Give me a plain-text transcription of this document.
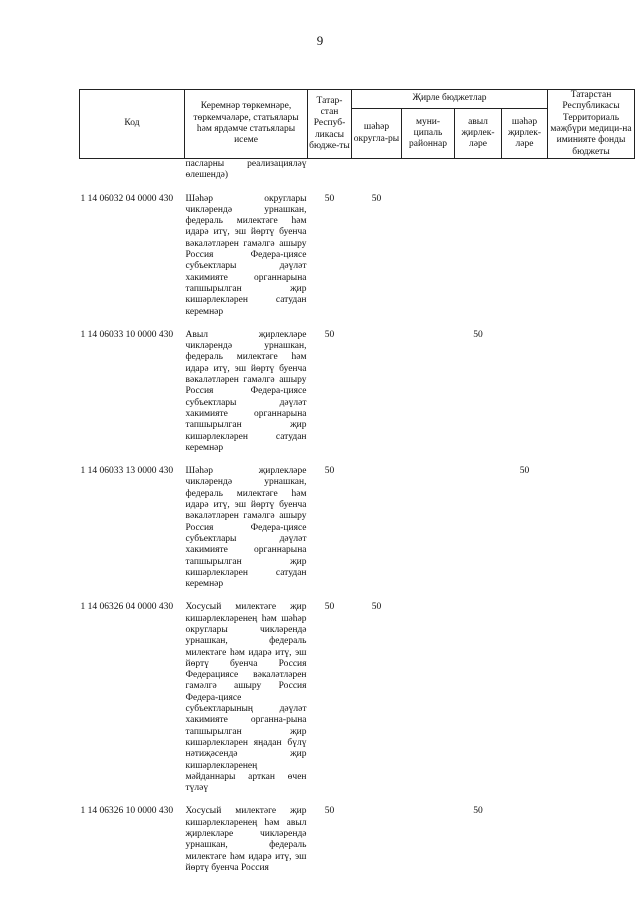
9
Код	Керемнәр төркемнәре, төркемчәләре, статьялары һәм ярдәмче статьялары исеме	Татар-стан Респуб-ликасы бюдже-ты	Җирле бюджетлар				Татарстан Республикасы Территориаль мәҗбүри медици-на иминияте фонды бюджеты
			шәһәр округла-ры	муни-ципаль районнар	авыл җирлек-ләре	шәһәр җирлек-ләре	
	пасларны реализацияләү өлешендә)						

1 14 06032 04 0000 430	Шәһәр округлары чикләрендә урнашкан, федераль милектәге һәм идарә итү, эш йөртү буенча вәкаләтләрен гамәлгә ашыру Россия Федера-циясе субъектлары дәүләт хакимияте органнарына тапшырылган җир кишәрлекләрен сатудан керемнәр	50	50				

1 14 06033 10 0000 430	Авыл җирлекләре чикләрендә урнашкан, федераль милектәге һәм идарә итү, эш йөртү буенча вәкаләтләрен гамәлгә ашыру Россия Федера-циясе субъектлары дәүләт хакимияте органнарына тапшырылган җир кишәрлекләрен сатудан керемнәр	50			50		

1 14 06033 13 0000 430	Шәһәр җирлекләре чикләрендә урнашкан, федераль милектәге һәм идарә итү, эш йөртү буенча вәкаләтләрен гамәлгә ашыру Россия Федера-циясе субъектлары дәүләт хакимияте органнарына тапшырылган җир кишәрлекләрен сатудан керемнәр	50				50	

1 14 06326 04 0000 430	Хосусый милектәге җир кишәрлекләренең һәм шәһәр округлары чикләрендә урнашкан, федераль милектәге һәм идарә итү, эш йөртү буенча Россия Федерациясе вәкаләтләрен гамәлгә ашыру Россия Федера-циясе субъектларының дәүләт хакимияте органна-рына тапшырылган җир кишәрлекләрен яңадан бүлү нәтиҗәсендә җир кишәрлекләренең мәйданнары арткан өчен түләү	50	50				

1 14 06326 10 0000 430	Хосусый милектәге җир кишәрлекләренең һәм авыл җирлекләре чикләрендә урнашкан, федераль милектәге һәм идарә итү, эш йөртү буенча Россия	50			50		
